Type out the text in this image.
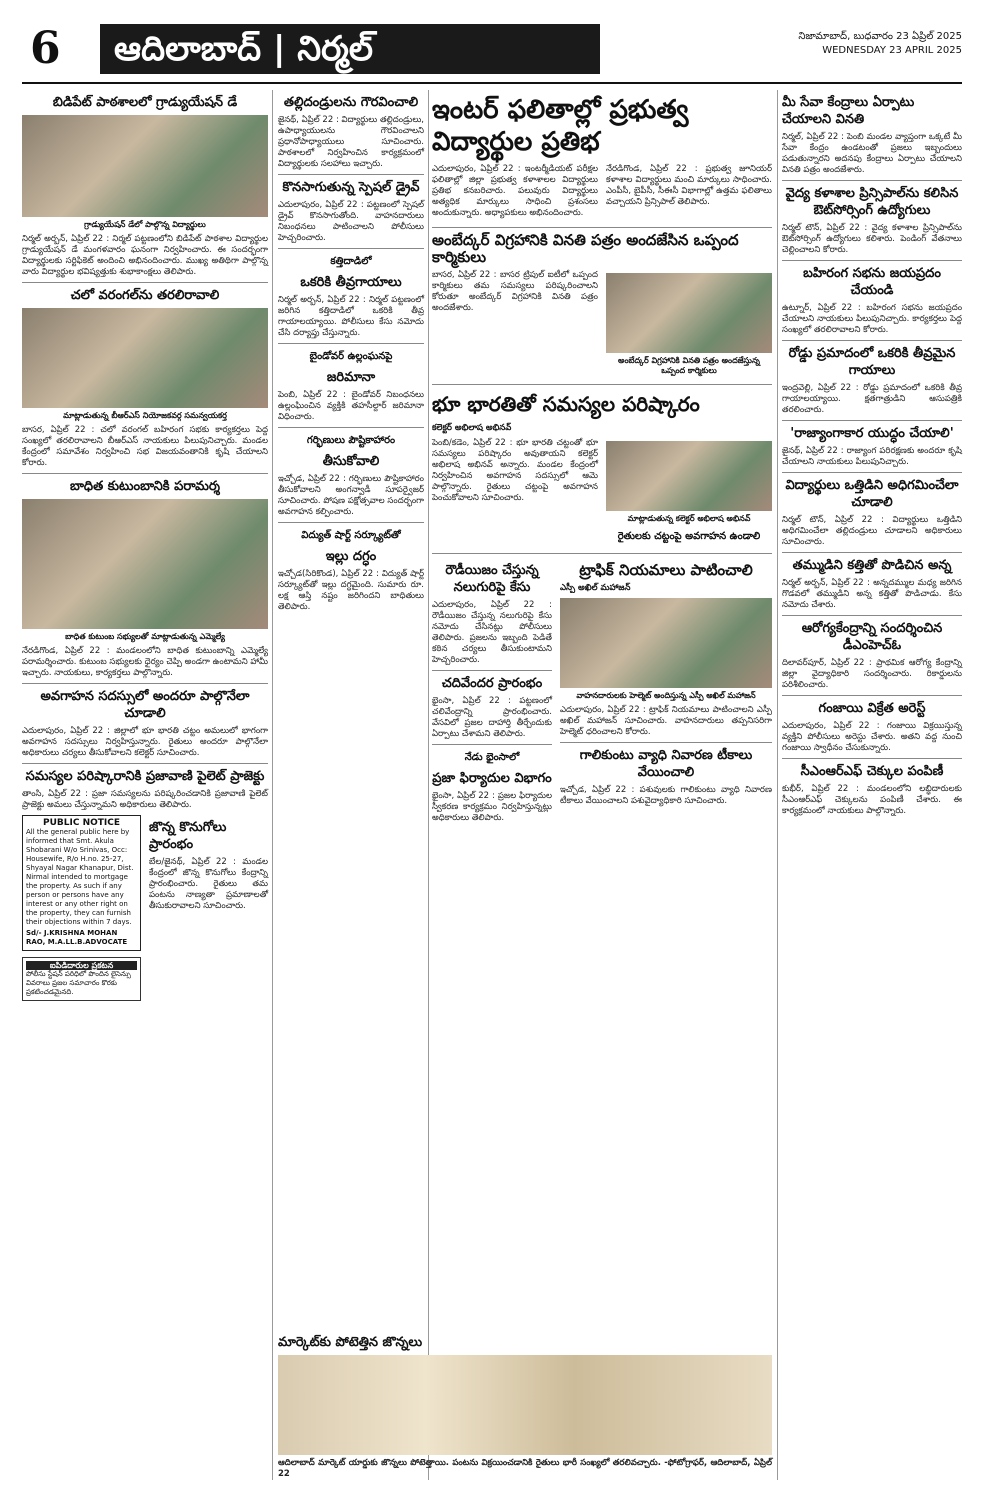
6	ఆదిలాబాద్ | నిర్మల్	నిజామాబాద్, బుధవారం 23 ఏప్రిల్ 2025
WEDNESDAY 23 APRIL 2025
బిడిపేట్ పాఠశాలలో గ్రాడ్యుయేషన్ డే
గ్రాడ్యుయేషన్ డేలో పాల్గొన్న విద్యార్థులు
నిర్మల్ అర్బన్, ఏప్రిల్ 22 : నిర్మల్ పట్టణంలోని బిడిపేట్ పాఠశాల విద్యార్థుల గ్రాడ్యుయేషన్ డే మంగళవారం ఘనంగా నిర్వహించారు. ఈ సందర్భంగా విద్యార్థులకు సర్టిఫికెట్ అందించి అభినందించారు. ముఖ్య అతిథిగా పాల్గొన్న వారు విద్యార్థుల భవిష్యత్తుకు శుభాకాంక్షలు తెలిపారు.
చలో వరంగల్‌ను తరలిరావాలి
మాట్లాడుతున్న బీఆర్ఎస్ నియోజకవర్గ సమన్వయకర్త
బాసర, ఏప్రిల్ 22 : చలో వరంగల్ బహిరంగ సభకు కార్యకర్తలు పెద్ద సంఖ్యలో తరలిరావాలని బీఆర్ఎస్ నాయకులు పిలుపునిచ్చారు. మండల కేంద్రంలో సమావేశం నిర్వహించి సభ విజయవంతానికి కృషి చేయాలని కోరారు.
బాధిత కుటుంబానికి పరామర్శ
బాధిత కుటుంబ సభ్యులతో మాట్లాడుతున్న ఎమ్మెల్యే
నేరడిగొండ, ఏప్రిల్ 22 : మండలంలోని బాధిత కుటుంబాన్ని ఎమ్మెల్యే పరామర్శించారు. కుటుంబ సభ్యులకు ధైర్యం చెప్పి అండగా ఉంటామని హామీ ఇచ్చారు. నాయకులు, కార్యకర్తలు పాల్గొన్నారు.
అవగాహన సదస్సులో అందరూ పాల్గొనేలా చూడాలి
ఎదులాపురం, ఏప్రిల్ 22 : జిల్లాలో భూ భారతి చట్టం అమలులో భాగంగా అవగాహన సదస్సులు నిర్వహిస్తున్నారు. రైతులు అందరూ పాల్గొనేలా అధికారులు చర్యలు తీసుకోవాలని కలెక్టర్ సూచించారు.
సమస్యల పరిష్కారానికి ప్రజావాణి పైలెట్ ప్రాజెక్టు
తాంసి, ఏప్రిల్ 22 : ప్రజా సమస్యలను పరిష్కరించడానికి ప్రజావాణి పైలెట్ ప్రాజెక్టు అమలు చేస్తున్నామని అధికారులు తెలిపారు.
PUBLIC NOTICE
All the general public here by informed that Smt. Akula Shobarani W/o Srinivas, Occ: Housewife, R/o H.no. 25-27, Shyayal Nagar Khanapur, Dist. Nirmal intended to mortgage the property. As such if any person or persons have any interest or any other right on the property, they can furnish their objections within 7 days.
Sd/- J.KRISHNA MOHAN RAO, M.A.LL.B.ADVOCATE
ఐపిడిదారుల ప్రకటన
పోలీసు స్టేషన్ పరిధిలో పొందిన లైసెన్సు వివరాలు ప్రజల సమాచారం కొరకు ప్రకటించడమైనది.
జొన్న కొనుగోలు ప్రారంభం
బేల/జైనథ్, ఏప్రిల్ 22 : మండల కేంద్రంలో జొన్న కొనుగోలు కేంద్రాన్ని ప్రారంభించారు. రైతులు తమ పంటను నాణ్యతా ప్రమాణాలతో తీసుకురావాలని సూచించారు.
తల్లిదండ్రులను గౌరవించాలి
జైనథ్, ఏప్రిల్ 22 : విద్యార్థులు తల్లిదండ్రులు, ఉపాధ్యాయులను గౌరవించాలని ప్రధానోపాధ్యాయులు సూచించారు. పాఠశాలలో నిర్వహించిన కార్యక్రమంలో విద్యార్థులకు సలహాలు ఇచ్చారు.
కొనసాగుతున్న స్పెషల్ డ్రైవ్
ఎదులాపురం, ఏప్రిల్ 22 : పట్టణంలో స్పెషల్ డ్రైవ్ కొనసాగుతోంది. వాహనదారులు నిబంధనలు పాటించాలని పోలీసులు హెచ్చరించారు.
కత్తిదాడిలో
ఒకరికి తీవ్రగాయాలు
నిర్మల్ అర్బన్, ఏప్రిల్ 22 : నిర్మల్ పట్టణంలో జరిగిన కత్తిదాడిలో ఒకరికి తీవ్ర గాయాలయ్యాయి. పోలీసులు కేసు నమోదు చేసి దర్యాప్తు చేస్తున్నారు.
బైండోవర్ ఉల్లంఘనపై
జరిమానా
పెంబి, ఏప్రిల్ 22 : బైండోవర్ నిబంధనలు ఉల్లంఘించిన వ్యక్తికి తహసీల్దార్ జరిమానా విధించారు.
గర్భిణులు పౌష్టికాహారం
తీసుకోవాలి
ఇచ్చోడ, ఏప్రిల్ 22 : గర్భిణులు పౌష్టికాహారం తీసుకోవాలని అంగన్వాడీ సూపర్వైజర్ సూచించారు. పోషణ పక్షోత్సవాల సందర్భంగా అవగాహన కల్పించారు.
విద్యుత్ షార్ట్ సర్క్యూట్‌తో
ఇల్లు దగ్ధం
ఇచ్చోడ(సిరికొండ), ఏప్రిల్ 22 : విద్యుత్ షార్ట్ సర్క్యూట్‌తో ఇల్లు దగ్ధమైంది. సుమారు రూ. లక్ష ఆస్తి నష్టం జరిగిందని బాధితులు తెలిపారు.
ఇంటర్ ఫలితాల్లో ప్రభుత్వ విద్యార్థుల ప్రతిభ
ఎదులాపురం, ఏప్రిల్ 22 : ఇంటర్మీడియట్ పరీక్షల ఫలితాల్లో జిల్లా ప్రభుత్వ కళాశాలల విద్యార్థులు ప్రతిభ కనబరిచారు. పలువురు విద్యార్థులు అత్యధిక మార్కులు సాధించి ప్రశంసలు అందుకున్నారు. అధ్యాపకులు అభినందించారు.
నేరడిగొండ, ఏప్రిల్ 22 : ప్రభుత్వ జూనియర్ కళాశాల విద్యార్థులు మంచి మార్కులు సాధించారు. ఎంపీసీ, బైపీసీ, సీఈసీ విభాగాల్లో ఉత్తమ ఫలితాలు వచ్చాయని ప్రిన్సిపాల్ తెలిపారు.
అంబేద్కర్ విగ్రహానికి వినతి పత్రం అందజేసిన ఒప్పంద కార్మికులు
బాసర, ఏప్రిల్ 22 : బాసర ట్రిపుల్ ఐటీలో ఒప్పంద కార్మికులు తమ సమస్యలు పరిష్కరించాలని కోరుతూ అంబేద్కర్ విగ్రహానికి వినతి పత్రం అందజేశారు.
అంబేద్కర్ విగ్రహానికి వినతి పత్రం అందజేస్తున్న ఒప్పంద కార్మికులు
భూ భారతితో సమస్యల పరిష్కారం
కలెక్టర్ అభిలాష అభినవ్
పెంబి/కడెం, ఏప్రిల్ 22 : భూ భారతి చట్టంతో భూ సమస్యలు పరిష్కారం అవుతాయని కలెక్టర్ అభిలాష అభినవ్ అన్నారు. మండల కేంద్రంలో నిర్వహించిన అవగాహన సదస్సులో ఆమె పాల్గొన్నారు. రైతులు చట్టంపై అవగాహన పెంచుకోవాలని సూచించారు.
మాట్లాడుతున్న కలెక్టర్ అభిలాష అభినవ్
రైతులకు చట్టంపై అవగాహన ఉండాలి
రౌడీయిజం చేస్తున్న నలుగురిపై కేసు
ఎదులాపురం, ఏప్రిల్ 22 : రౌడీయిజం చేస్తున్న నలుగురిపై కేసు నమోదు చేసినట్లు పోలీసులు తెలిపారు. ప్రజలను ఇబ్బంది పెడితే కఠిన చర్యలు తీసుకుంటామని హెచ్చరించారు.
చదివేందర ప్రారంభం
భైంసా, ఏప్రిల్ 22 : పట్టణంలో చలివేంద్రాన్ని ప్రారంభించారు. వేసవిలో ప్రజల దాహార్తి తీర్చేందుకు ఏర్పాటు చేశామని తెలిపారు.
నేడు భైంసాలో
ప్రజా ఫిర్యాదుల విభాగం
భైంసా, ఏప్రిల్ 22 : ప్రజల ఫిర్యాదుల స్వీకరణ కార్యక్రమం నిర్వహిస్తున్నట్లు అధికారులు తెలిపారు.
ట్రాఫిక్ నియమాలు పాటించాలి
ఎస్పీ అఖిల్ మహాజన్
వాహనదారులకు హెల్మెట్ అందిస్తున్న ఎస్పీ అఖిల్ మహాజన్
ఎదులాపురం, ఏప్రిల్ 22 : ట్రాఫిక్ నియమాలు పాటించాలని ఎస్పీ అఖిల్ మహాజన్ సూచించారు. వాహనదారులు తప్పనిసరిగా హెల్మెట్ ధరించాలని కోరారు.
గాలికుంటు వ్యాధి నివారణ టీకాలు వేయించాలి
ఇచ్చోడ, ఏప్రిల్ 22 : పశువులకు గాలికుంటు వ్యాధి నివారణ టీకాలు వేయించాలని పశువైద్యాధికారి సూచించారు.
మార్కెట్‌కు పోటెత్తిన జొన్నలు
ఆదిలాబాద్ మార్కెట్ యార్డుకు జొన్నలు పోటెత్తాయి. పంటను విక్రయించడానికి రైతులు భారీ సంఖ్యలో తరలివచ్చారు. -ఫోటోగ్రాఫర్, ఆదిలాబాద్, ఏప్రిల్ 22
మీ సేవా కేంద్రాలు ఏర్పాటు చేయాలని వినతి
నిర్మల్, ఏప్రిల్ 22 : పెంబి మండల వ్యాప్తంగా ఒక్కటే మీ సేవా కేంద్రం ఉండటంతో ప్రజలు ఇబ్బందులు పడుతున్నారని అదనపు కేంద్రాలు ఏర్పాటు చేయాలని వినతి పత్రం అందజేశారు.
వైద్య కళాశాల ప్రిన్సిపాల్‌ను కలిసిన ఔట్‌సోర్సింగ్ ఉద్యోగులు
నిర్మల్ టౌన్, ఏప్రిల్ 22 : వైద్య కళాశాల ప్రిన్సిపాల్‌ను ఔట్‌సోర్సింగ్ ఉద్యోగులు కలిశారు. పెండింగ్ వేతనాలు చెల్లించాలని కోరారు.
బహిరంగ సభను జయప్రదం చేయండి
ఉట్నూర్, ఏప్రిల్ 22 : బహిరంగ సభను జయప్రదం చేయాలని నాయకులు పిలుపునిచ్చారు. కార్యకర్తలు పెద్ద సంఖ్యలో తరలిరావాలని కోరారు.
రోడ్డు ప్రమాదంలో ఒకరికి తీవ్రమైన గాయాలు
ఇంద్రవెల్లి, ఏప్రిల్ 22 : రోడ్డు ప్రమాదంలో ఒకరికి తీవ్ర గాయాలయ్యాయి. క్షతగాత్రుడిని ఆసుపత్రికి తరలించారు.
'రాజ్యాంగాకార యుద్ధం చేయాలి'
జైనథ్, ఏప్రిల్ 22 : రాజ్యాంగ పరిరక్షణకు అందరూ కృషి చేయాలని నాయకులు పిలుపునిచ్చారు.
విద్యార్థులు ఒత్తిడిని అధిగమించేలా చూడాలి
నిర్మల్ టౌన్, ఏప్రిల్ 22 : విద్యార్థులు ఒత్తిడిని అధిగమించేలా తల్లిదండ్రులు చూడాలని అధికారులు సూచించారు.
తమ్ముడిని కత్తితో పొడిచిన అన్న
నిర్మల్ అర్బన్, ఏప్రిల్ 22 : అన్నదమ్ముల మధ్య జరిగిన గొడవలో తమ్ముడిని అన్న కత్తితో పొడిచాడు. కేసు నమోదు చేశారు.
ఆరోగ్యకేంద్రాన్ని సందర్శించిన డీఎంహెచ్‌ఓ
దిలావర్‌పూర్, ఏప్రిల్ 22 : ప్రాథమిక ఆరోగ్య కేంద్రాన్ని జిల్లా వైద్యాధికారి సందర్శించారు. రికార్డులను పరిశీలించారు.
గంజాయి విక్రేత అరెస్ట్
ఎదులాపురం, ఏప్రిల్ 22 : గంజాయి విక్రయిస్తున్న వ్యక్తిని పోలీసులు అరెస్టు చేశారు. అతని వద్ద నుంచి గంజాయి స్వాధీనం చేసుకున్నారు.
సీఎంఆర్ఎఫ్ చెక్కుల పంపిణీ
కుభీర్, ఏప్రిల్ 22 : మండలంలోని లబ్ధిదారులకు సీఎంఆర్ఎఫ్ చెక్కులను పంపిణీ చేశారు. ఈ కార్యక్రమంలో నాయకులు పాల్గొన్నారు.
